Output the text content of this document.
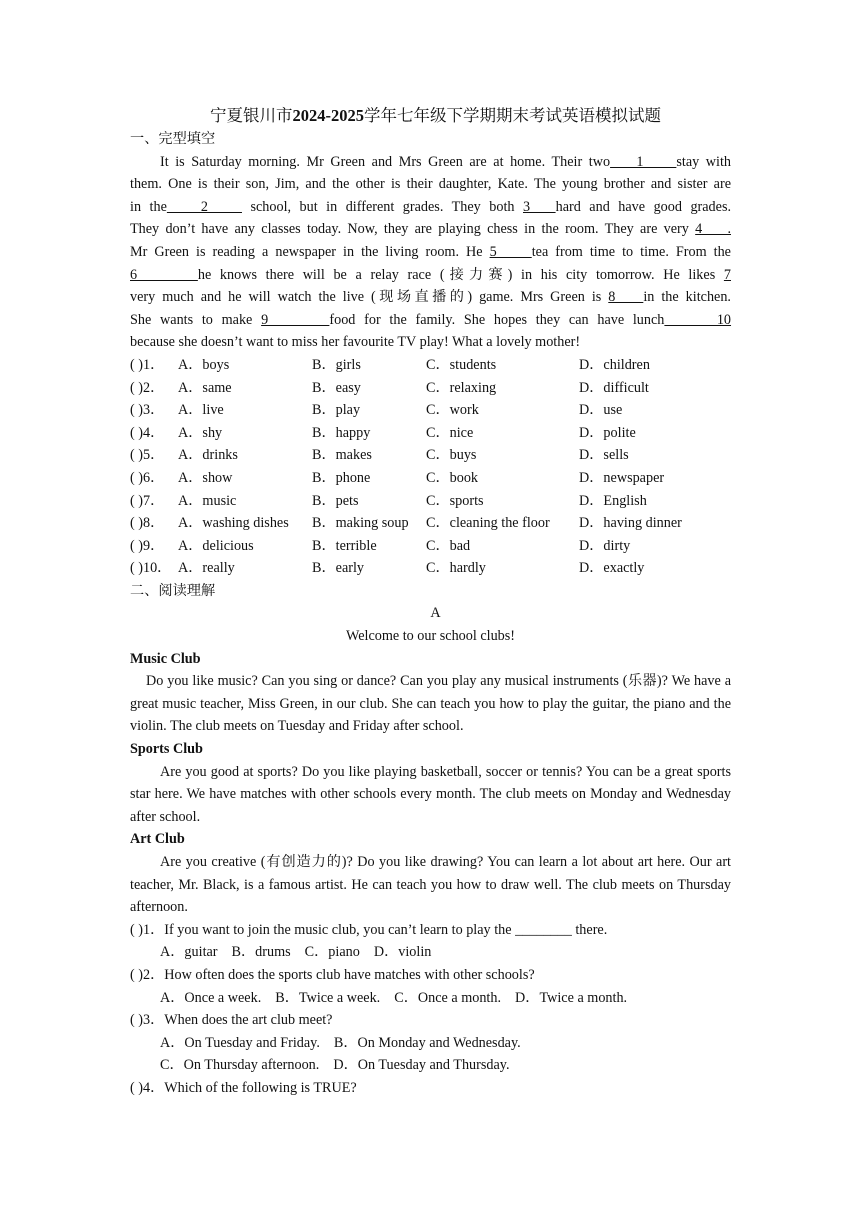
宁夏银川市2024-2025学年七年级下学期期末考试英语模拟试题
一、完型填空
It is Saturday morning. Mr Green and Mrs Green are at home. Their two    1     stay with
them. One is their son, Jim, and the other is their daughter, Kate. The young brother and sister are
in the    2     school, but in different grades. They both 3   hard and have good grades.
They don’t have any classes today. Now, they are playing chess in the room. They are very 4    .
Mr Green is reading a newspaper in the living room. He 5     tea from time to time. From the
6       he knows there will be a relay race (接力赛) in his city tomorrow. He likes 7
very much and he will watch the live (现场直播的) game. Mrs Green is 8    in the kitchen.
She wants to make 9       food for the family. She hopes they can have lunch      10
because she doesn’t want to miss her favourite TV play! What a lovely mother!
( )1． A．boys	B．girls	C．students	D．children
( )2． A．same	B．easy	C．relaxing	D．difficult
( )3． A．live	B．play	C．work	D．use
( )4． A．shy	B．happy	C．nice	D．polite
( )5． A．drinks	B．makes	C．buys	D．sells
( )6． A．show	B．phone	C．book	D．newspaper
( )7． A．music	B．pets	C．sports	D．English
( )8． A．washing dishes	B．making soup	C．cleaning the floor	D．having dinner
( )9． A．delicious	B．terrible	C．bad	D．dirty
( )10． A．really	B．early	C．hardly	D．exactly
二、阅读理解
A
Welcome to our school clubs!
Music Club
Do you like music? Can you sing or dance? Can you play any musical instruments (乐器)? We have a great music teacher, Miss Green, in our club. She can teach you how to play the guitar, the piano and the violin. The club meets on Tuesday and Friday after school.
Sports Club
Are you good at sports? Do you like playing basketball, soccer or tennis? You can be a great sports star here. We have matches with other schools every month. The club meets on Monday and Wednesday after school.
Art Club
Are you creative (有创造力的)? Do you like drawing? You can learn a lot about art here. Our art teacher, Mr. Black, is a famous artist. He can teach you how to draw well. The club meets on Thursday afternoon.
( )1．If you want to join the music club, you can’t learn to play the ________ there.
A．guitar B．drums C．piano D．violin
( )2．How often does the sports club have matches with other schools?
A．Once a week. B．Twice a week. C．Once a month. D．Twice a month.
( )3．When does the art club meet?
A．On Tuesday and Friday. B．On Monday and Wednesday.
C．On Thursday afternoon. D．On Tuesday and Thursday.
( )4．Which of the following is TRUE?
